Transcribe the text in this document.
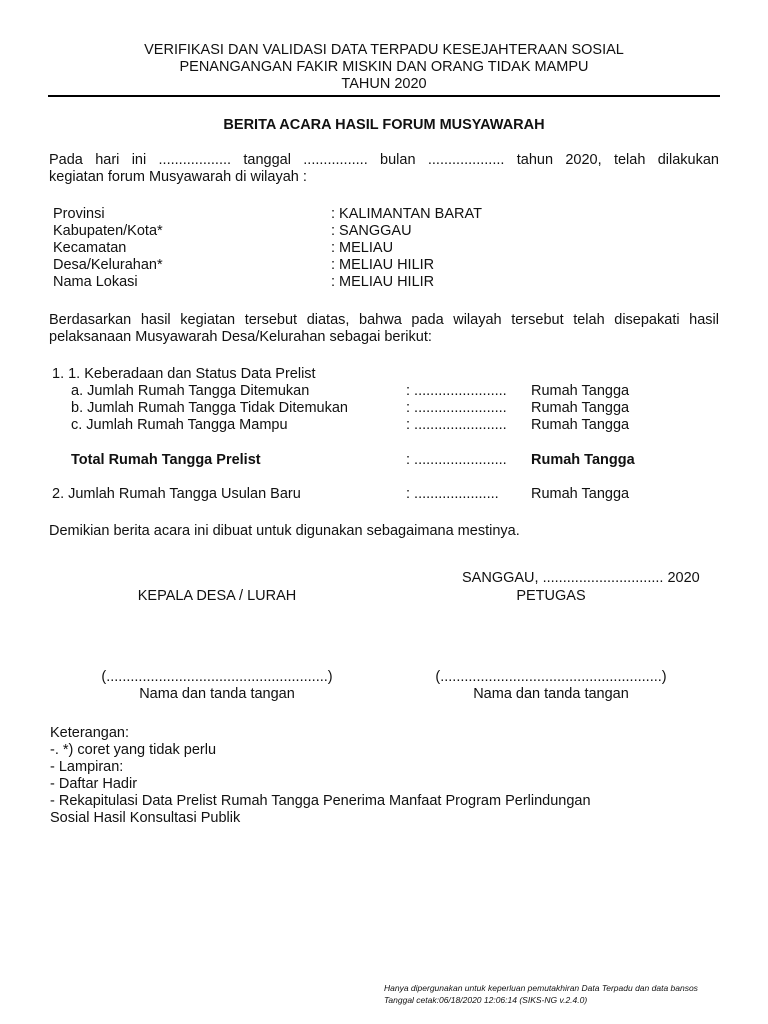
VERIFIKASI DAN VALIDASI DATA TERPADU KESEJAHTERAAN SOSIAL
PENANGANGAN FAKIR MISKIN DAN ORANG TIDAK MAMPU
TAHUN 2020
BERITA ACARA HASIL FORUM MUSYAWARAH
Pada hari ini .................. tanggal ................ bulan ................... tahun 2020, telah dilakukan
kegiatan forum Musyawarah di wilayah :
Provinsi	: KALIMANTAN BARAT
Kabupaten/Kota*	: SANGGAU
Kecamatan	: MELIAU
Desa/Kelurahan*	: MELIAU HILIR
Nama Lokasi	: MELIAU HILIR
Berdasarkan hasil kegiatan tersebut diatas, bahwa pada wilayah tersebut telah disepakati hasil
pelaksanaan Musyawarah Desa/Kelurahan sebagai berikut:
1. 1. Keberadaan dan Status Data Prelist
a. Jumlah Rumah Tangga Ditemukan	: ....................... Rumah Tangga
b. Jumlah Rumah Tangga Tidak Ditemukan	: ....................... Rumah Tangga
c. Jumlah Rumah Tangga Mampu	: ....................... Rumah Tangga
Total Rumah Tangga Prelist	: ....................... Rumah Tangga
2. Jumlah Rumah Tangga Usulan Baru	: ..................... Rumah Tangga
Demikian berita acara ini dibuat untuk digunakan sebagaimana mestinya.
SANGGAU, .............................. 2020
KEPALA DESA / LURAH	PETUGAS
(.......................................................)	(.......................................................)
Nama dan tanda tangan	Nama dan tanda tangan
Keterangan:
-. *) coret yang tidak perlu
- Lampiran:
- Daftar Hadir
- Rekapitulasi Data Prelist Rumah Tangga Penerima Manfaat Program Perlindungan
Sosial Hasil Konsultasi Publik
Hanya dipergunakan untuk keperluan pemutakhiran Data Terpadu dan data bansos
Tanggal cetak:06/18/2020 12:06:14 (SIKS-NG v.2.4.0)
